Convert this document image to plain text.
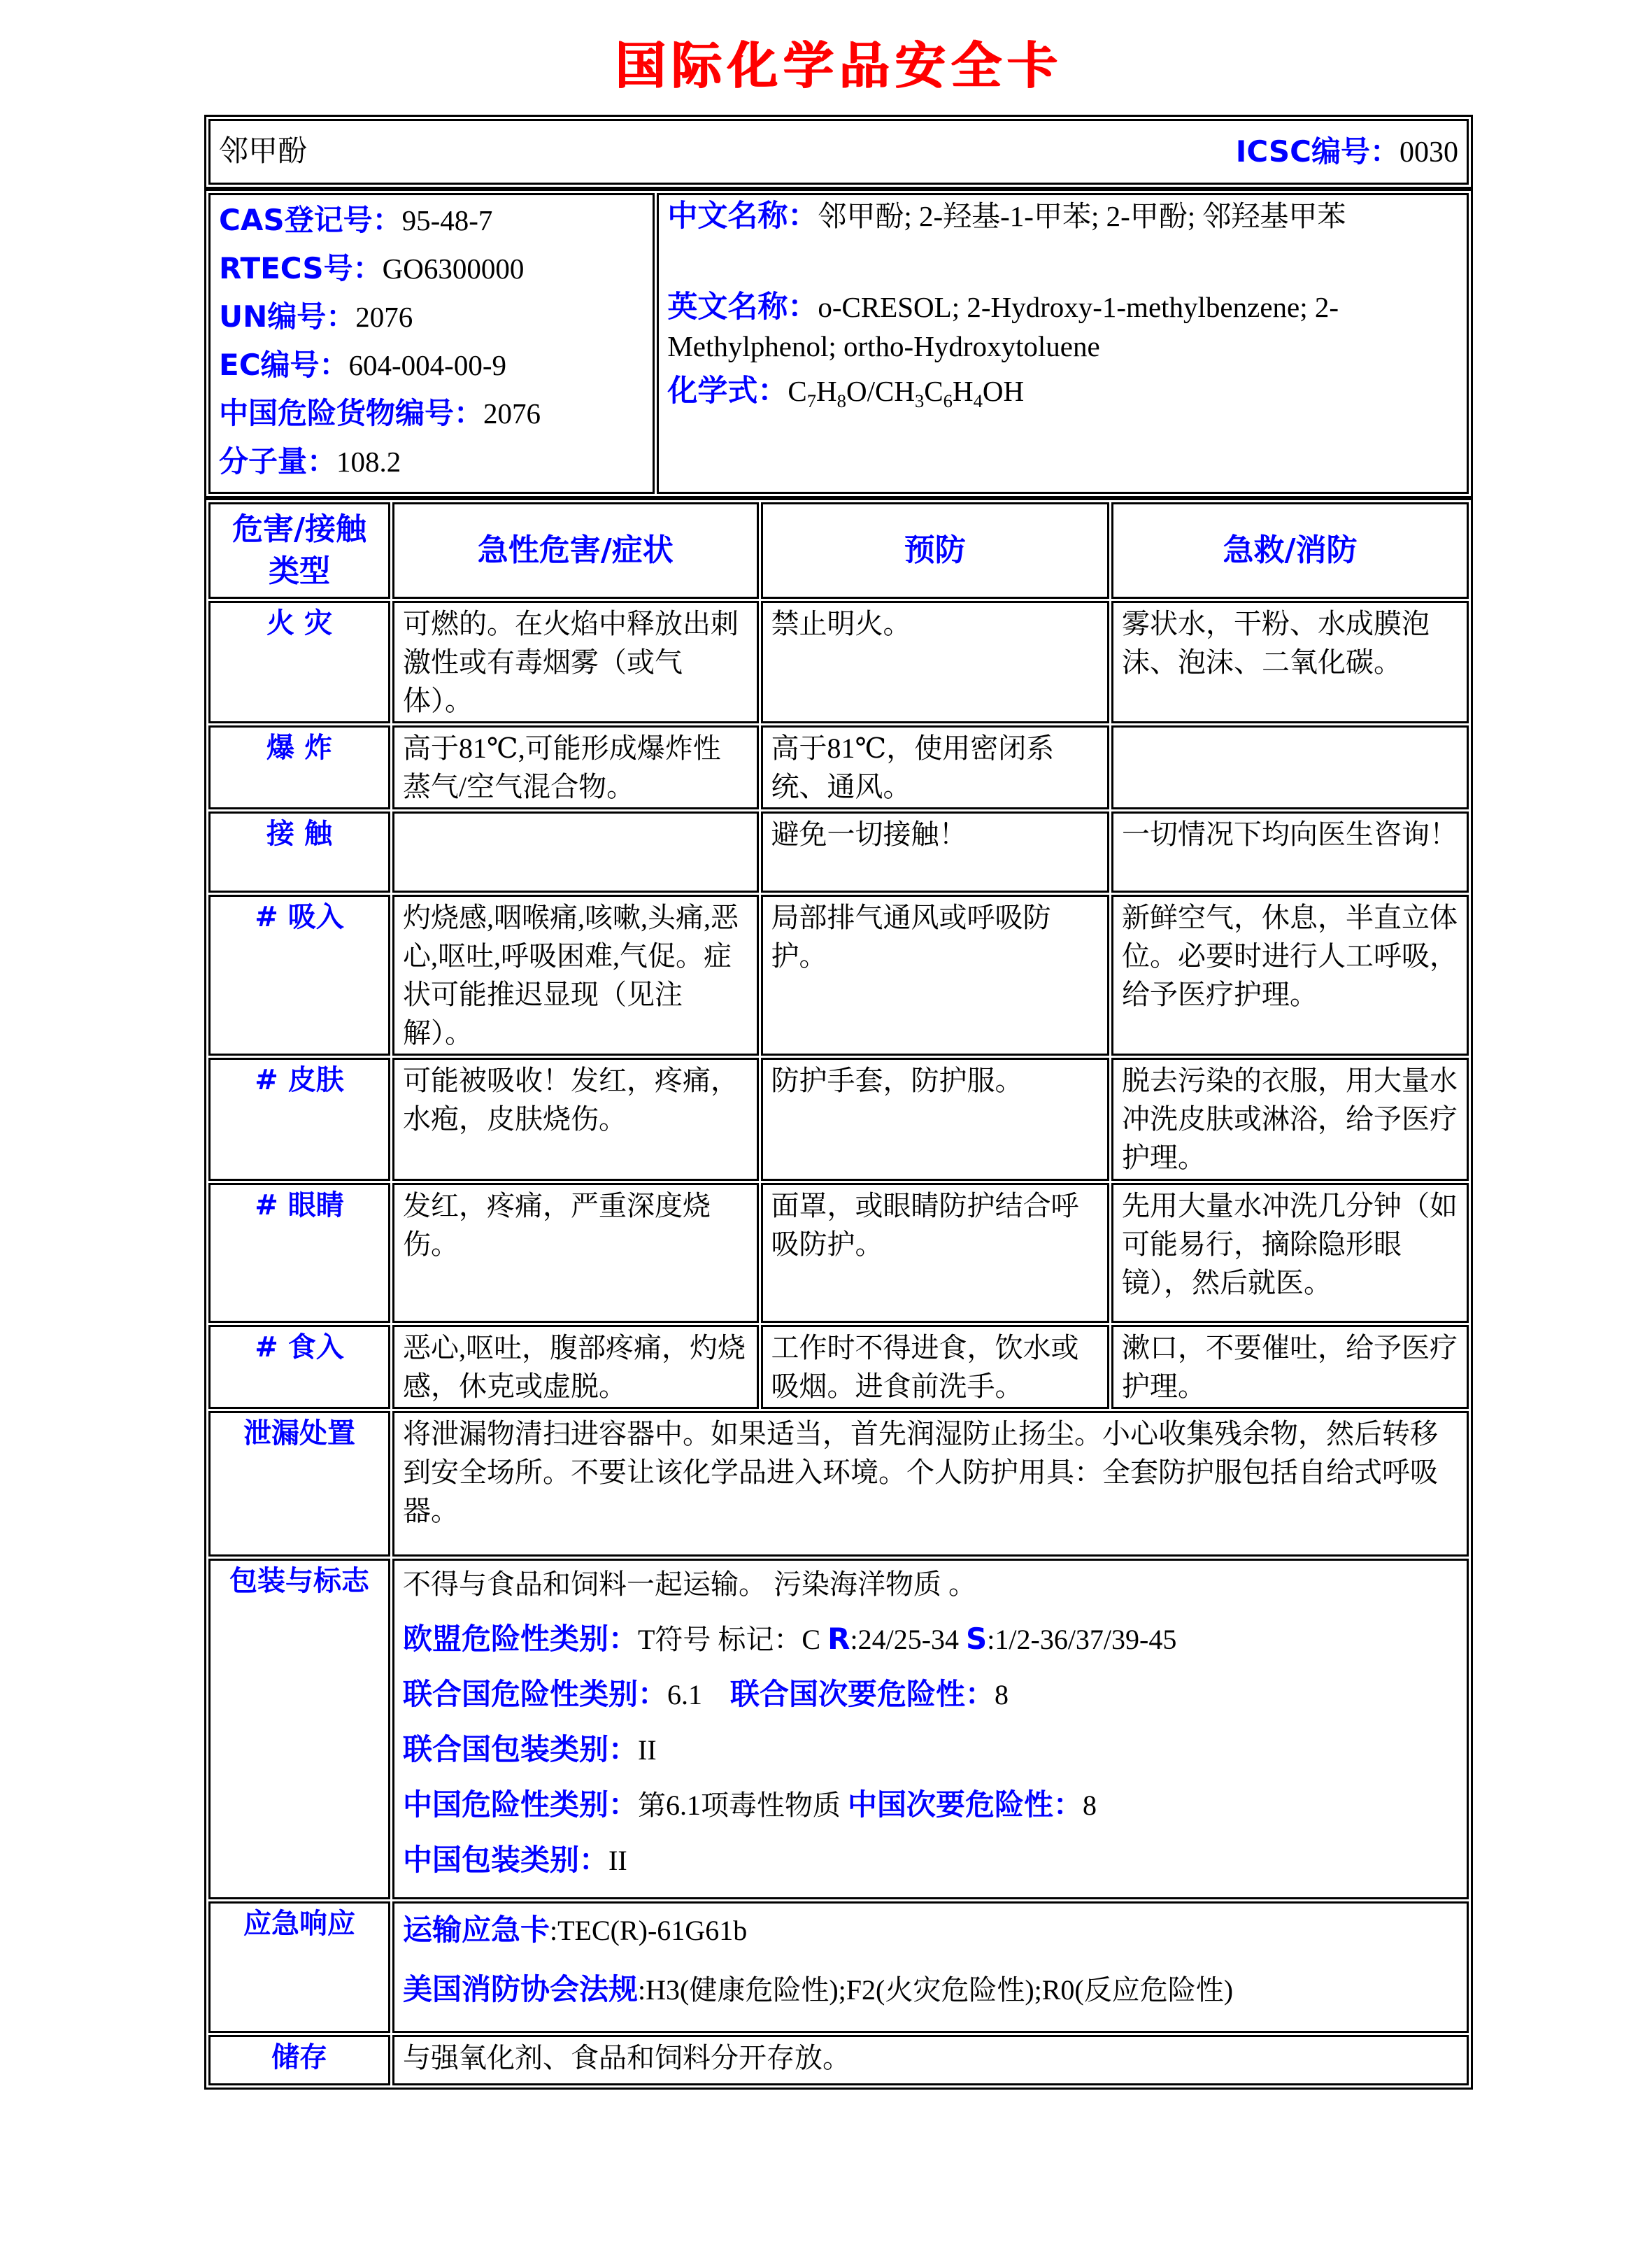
国际化学品安全卡
邻甲酚	ICSC编号：0030
CAS登记号：95-48-7
RTECS号：GO6300000
UN编号：2076
EC编号：604-004-00-9
中国危险货物编号：2076
分子量：108.2

中文名称：邻甲酚; 2-羟基-1-甲苯; 2-甲酚; 邻羟基甲苯

英文名称：o-CRESOL; 2-Hydroxy-1-methylbenzene; 2-Methylphenol; ortho-Hydroxytoluene

化学式：$C_7H_8O/CH_3C_6H_4OH$

危害/接触 类型	急性危害/症状	预防	急救/消防
火 灾	可燃的。在火焰中释放出刺激性或有毒烟雾（或气体）。	禁止明火。	雾状水，干粉、水成膜泡沫、泡沫、二氧化碳。
爆 炸	高于81℃,可能形成爆炸性蒸气/空气混合物。	高于81℃，使用密闭系统、通风。	
接 触		避免一切接触！	一切情况下均向医生咨询！
# 吸入	灼烧感,咽喉痛,咳嗽,头痛,恶心,呕吐,呼吸困难,气促。症状可能推迟显现（见注解）。	局部排气通风或呼吸防护。	新鲜空气，休息，半直立体位。必要时进行人工呼吸，给予医疗护理。
# 皮肤	可能被吸收！发红，疼痛，水疱，皮肤烧伤。	防护手套，防护服。	脱去污染的衣服，用大量水冲洗皮肤或淋浴，给予医疗护理。
# 眼睛	发红，疼痛，严重深度烧伤。	面罩，或眼睛防护结合呼吸防护。	先用大量水冲洗几分钟（如可能易行，摘除隐形眼镜），然后就医。
# 食入	恶心,呕吐，腹部疼痛，灼烧感，休克或虚脱。	工作时不得进食，饮水或吸烟。进食前洗手。	漱口，不要催吐，给予医疗护理。
泄漏处置	将泄漏物清扫进容器中。如果适当，首先润湿防止扬尘。小心收集残余物，然后转移到安全场所。不要让该化学品进入环境。个人防护用具：全套防护服包括自给式呼吸器。		
包装与标志	不得与食品和饲料一起运输。 污染海洋物质 。

欧盟危险性类别：T符号 标记：C R:24/25-34 S:1/2-36/37/39-45

联合国危险性类别：6.1　联合国次要危险性：8

联合国包装类别：II

中国危险性类别：第6.1项毒性物质 中国次要危险性：8

中国包装类别：II

应急响应	运输应急卡:TEC(R)-61G61b

美国消防协会法规:H3(健康危险性);F2(火灾危险性);R0(反应危险性)		

储存	与强氧化剂、食品和饲料分开存放。		
